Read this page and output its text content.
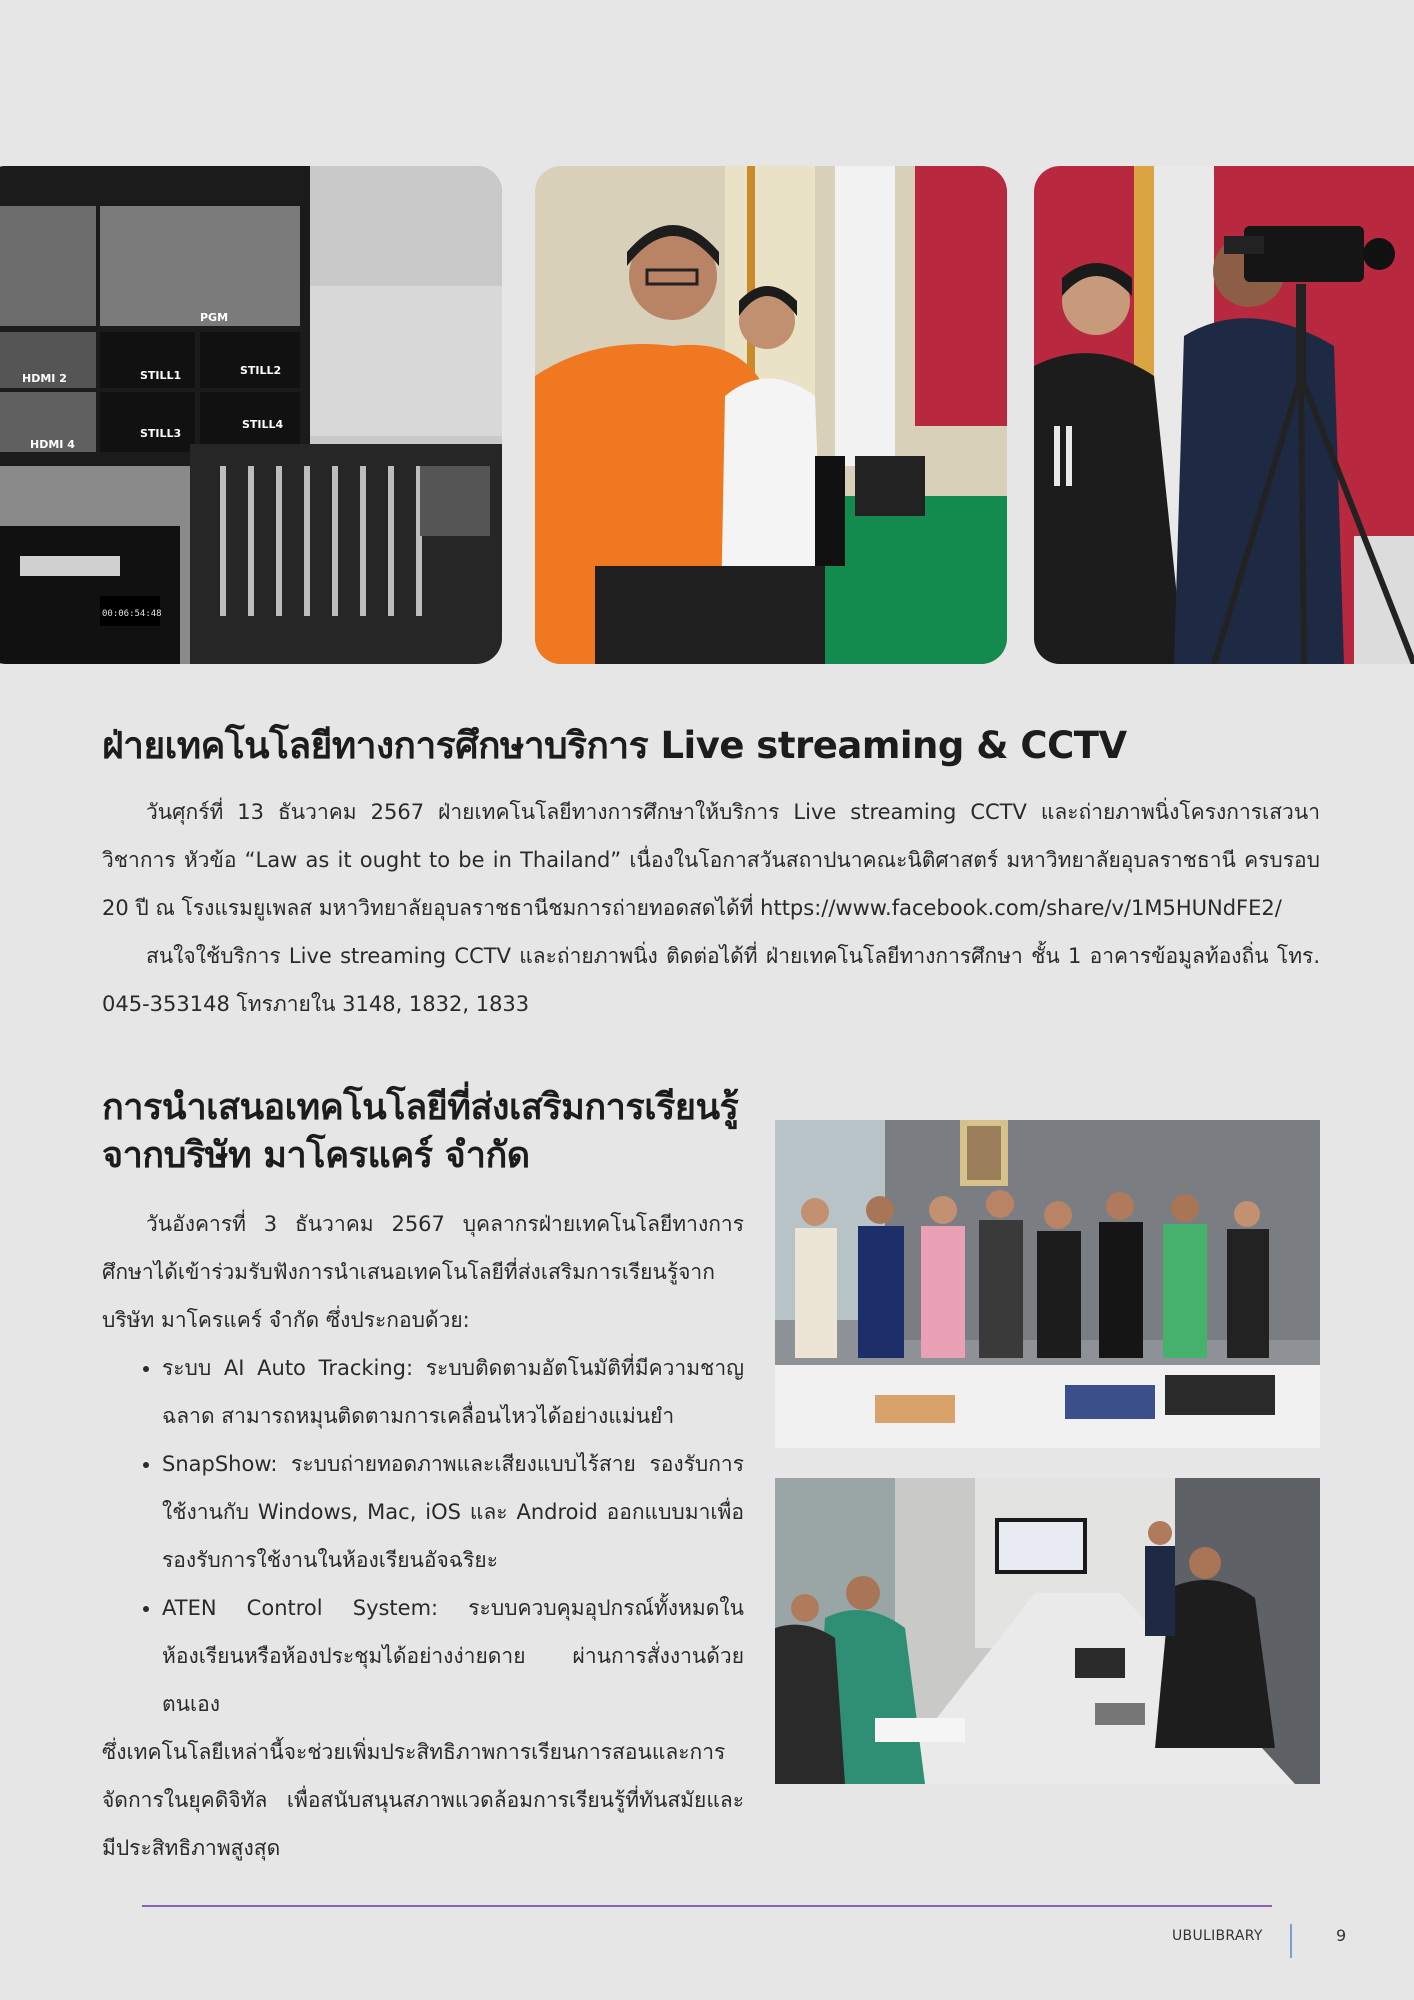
PGM
HDMI 2	STILL1	STILL2
HDMI 4
STILL3
STILL4
00:06:54:48
ฝ่ายเทคโนโลยีทางการศึกษาบริการ Live streaming & CCTV
วันศุกร์ที่ 13 ธันวาคม 2567 ฝ่ายเทคโนโลยีทางการศึกษาให้บริการ Live streaming CCTV และถ่ายภาพนิ่งโครงการเสวนาวิชาการ หัวข้อ “Law as it ought to be in Thailand” เนื่องในโอกาสวันสถาปนาคณะนิติศาสตร์ มหาวิทยาลัยอุบลราชธานี ครบรอบ 20 ปี ณ โรงแรมยูเพลส มหาวิทยาลัยอุบลราชธานีชมการถ่ายทอดสดได้ที่ https://www.facebook.com/share/v/1M5HUNdFE2/
สนใจใช้บริการ Live streaming CCTV และถ่ายภาพนิ่ง ติดต่อได้ที่ ฝ่ายเทคโนโลยีทางการศึกษา ชั้น 1 อาคารข้อมูลท้องถิ่น โทร. 045-353148 โทรภายใน 3148, 1832, 1833
การนำเสนอเทคโนโลยีที่ส่งเสริมการเรียนรู้จากบริษัท มาโครแคร์ จำกัด
วันอังคารที่ 3 ธันวาคม 2567 บุคลากรฝ่ายเทคโนโลยีทางการศึกษาได้เข้าร่วมรับฟังการนำเสนอเทคโนโลยีที่ส่งเสริมการเรียนรู้จากบริษัท มาโครแคร์ จำกัด ซึ่งประกอบด้วย:
• ระบบ AI Auto Tracking: ระบบติดตามอัตโนมัติที่มีความชาญฉลาด สามารถหมุนติดตามการเคลื่อนไหวได้อย่างแม่นยำ
• SnapShow: ระบบถ่ายทอดภาพและเสียงแบบไร้สาย รองรับการใช้งานกับ Windows, Mac, iOS และ Android ออกแบบมาเพื่อรองรับการใช้งานในห้องเรียนอัจฉริยะ
• ATEN Control System: ระบบควบคุมอุปกรณ์ทั้งหมดในห้องเรียนหรือห้องประชุมได้อย่างง่ายดาย ผ่านการสั่งงานด้วยตนเอง
ซึ่งเทคโนโลยีเหล่านี้จะช่วยเพิ่มประสิทธิภาพการเรียนการสอนและการจัดการในยุคดิจิทัล เพื่อสนับสนุนสภาพแวดล้อมการเรียนรู้ที่ทันสมัยและมีประสิทธิภาพสูงสุด
UBULIBRARY	9
